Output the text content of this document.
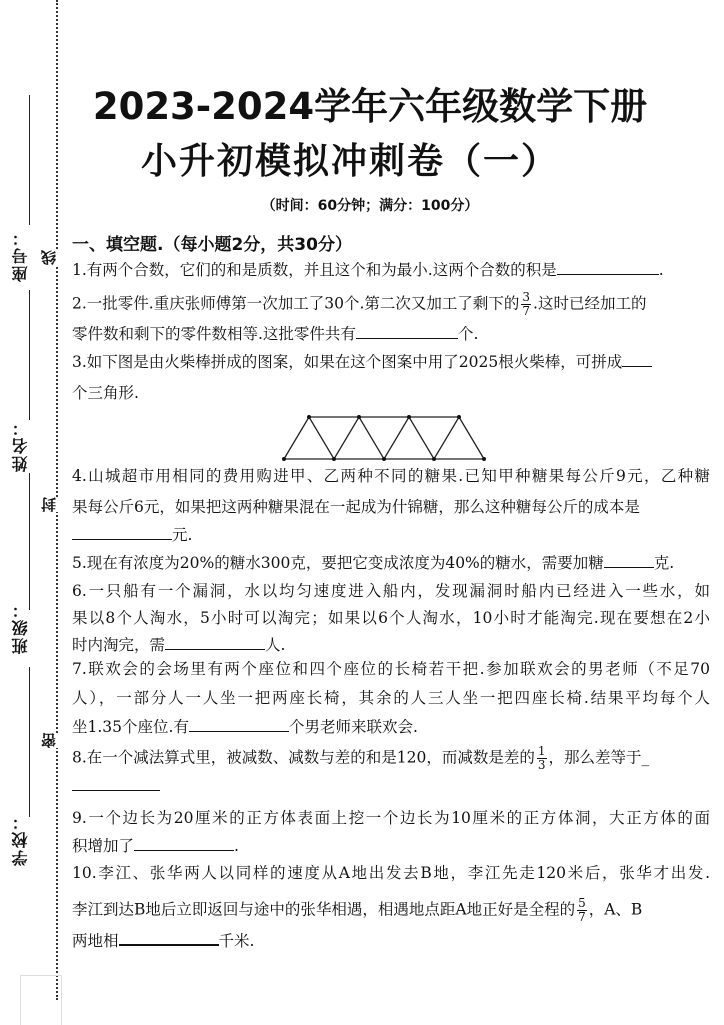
座号：
姓名：
班级：
学校：
线
封
密
2023-2024学年六年级数学下册
小升初模拟冲刺卷（一）
（时间：60分钟；满分：100分）
一、填空题.（每小题2分，共30分）
1.有两个合数，它们的和是质数，并且这个和为最小.这两个合数的积是	.
2.一批零件.重庆张师傅第一次加工了30个.第二次又加工了剩下的 $\frac{3}{7}$ .这时已经加工的
零件数和剩下的零件数相等.这批零件共有	个.
3.如下图是由火柴棒拼成的图案，如果在这个图案中用了2025根火柴棒，可拼成
个三角形.
4.山城超市用相同的费用购进甲、乙两种不同的糖果.已知甲种糖果每公斤9元，乙种糖
果每公斤6元，如果把这两种糖果混在一起成为什锦糖，那么这种糖每公斤的成本是
元.
5.现在有浓度为20%的糖水300克，要把它变成浓度为40%的糖水，需要加糖	克.
6.一只船有一个漏洞，水以均匀速度进入船内，发现漏洞时船内已经进入一些水，如
果以8个人淘水，5小时可以淘完；如果以6个人淘水，10小时才能淘完.现在要想在2小
时内淘完，需	人.
7.联欢会的会场里有两个座位和四个座位的长椅若干把.参加联欢会的男老师（不足70
人），一部分人一人坐一把两座长椅，其余的人三人坐一把四座长椅.结果平均每个人
坐1.35个座位.有	个男老师来联欢会.
8.在一个减法算式里，被减数、减数与差的和是120，而减数是差的 $\frac{1}{3}$ ，那么差等于_
9.一个边长为20厘米的正方体表面上挖一个边长为10厘米的正方体洞，大正方体的面
积增加了	.
10.李江、张华两人以同样的速度从A地出发去B地，李江先走120米后，张华才出发.
李江到达B地后立即返回与途中的张华相遇，相遇地点距A地正好是全程的 $\frac{5}{7}$ ，A、B
两地相	千米.
